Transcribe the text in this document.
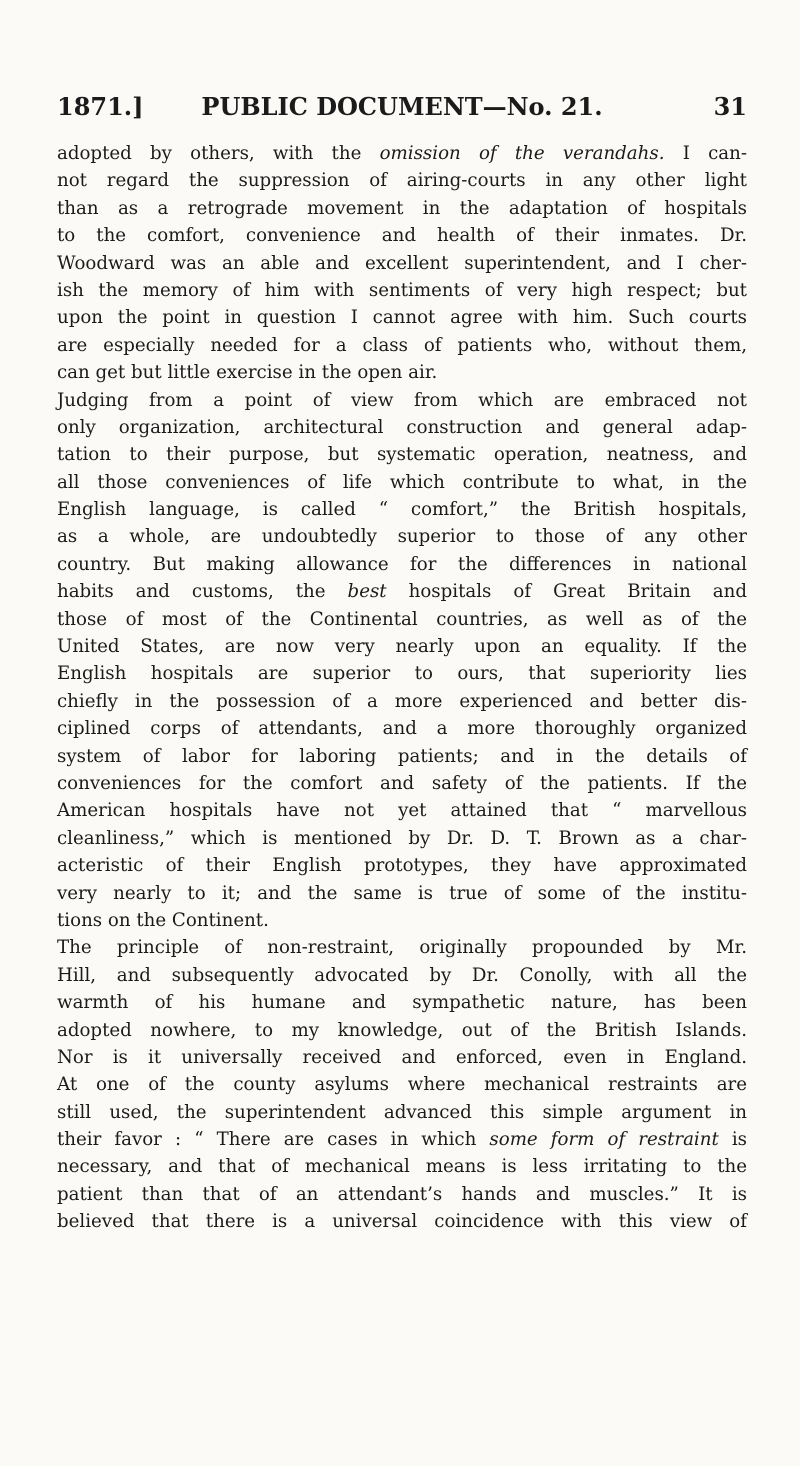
1871.]	PUBLIC DOCUMENT—No. 21.	31
adopted by others, with the omission of the verandahs. I can-
not regard the suppression of airing-courts in any other light
than as a retrograde movement in the adaptation of hospitals
to the comfort, convenience and health of their inmates. Dr.
Woodward was an able and excellent superintendent, and I cher-
ish the memory of him with sentiments of very high respect; but
upon the point in question I cannot agree with him. Such courts
are especially needed for a class of patients who, without them,
can get but little exercise in the open air.
Judging from a point of view from which are embraced not
only organization, architectural construction and general adap-
tation to their purpose, but systematic operation, neatness, and
all those conveniences of life which contribute to what, in the
English language, is called “ comfort,” the British hospitals,
as a whole, are undoubtedly superior to those of any other
country. But making allowance for the differences in national
habits and customs, the best hospitals of Great Britain and
those of most of the Continental countries, as well as of the
United States, are now very nearly upon an equality. If the
English hospitals are superior to ours, that superiority lies
chiefly in the possession of a more experienced and better dis-
ciplined corps of attendants, and a more thoroughly organized
system of labor for laboring patients; and in the details of
conveniences for the comfort and safety of the patients. If the
American hospitals have not yet attained that “ marvellous
cleanliness,” which is mentioned by Dr. D. T. Brown as a char-
acteristic of their English prototypes, they have approximated
very nearly to it; and the same is true of some of the institu-
tions on the Continent.
The principle of non-restraint, originally propounded by Mr.
Hill, and subsequently advocated by Dr. Conolly, with all the
warmth of his humane and sympathetic nature, has been
adopted nowhere, to my knowledge, out of the British Islands.
Nor is it universally received and enforced, even in England.
At one of the county asylums where mechanical restraints are
still used, the superintendent advanced this simple argument in
their favor : “ There are cases in which some form of restraint is
necessary, and that of mechanical means is less irritating to the
patient than that of an attendant’s hands and muscles.” It is
believed that there is a universal coincidence with this view of
